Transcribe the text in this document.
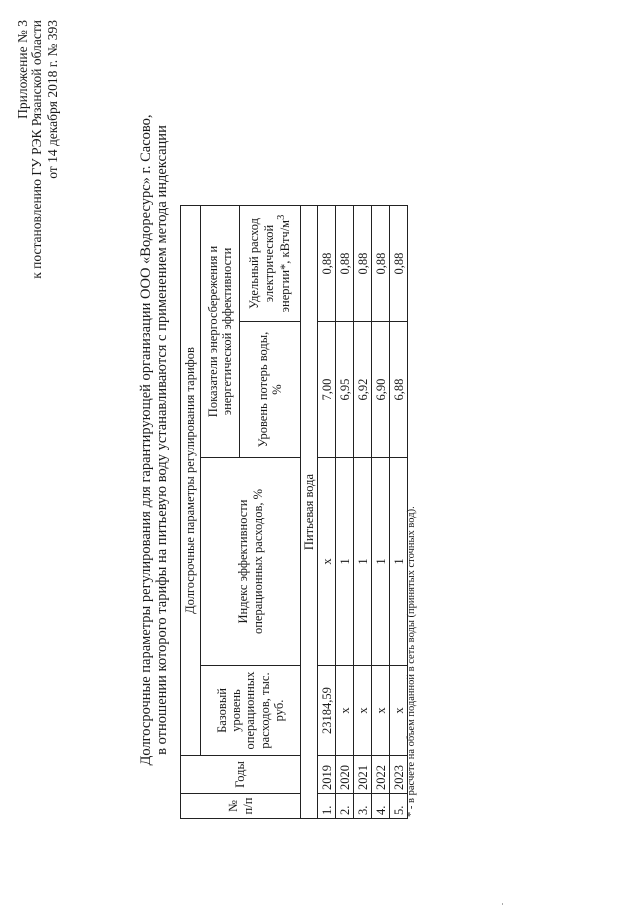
Приложение № 3 к постановлению ГУ РЭК Рязанской области от 14 декабря 2018 г. № 393
Долгосрочные параметры регулирования для гарантирующей организации ООО «Водоресурс» г. Сасово, в отношении которого тарифы на питьевую воду устанавливаются с применением метода индексации
№ п/п	Годы	Долгосрочные параметры регулирования тарифов			
		Базовый уровень операционных расходов, тыс. руб.	Индекс эффективности операционных расходов, %	Показатели энергосбережения и энергетической эффективности	
				Уровень потерь воды, %	Удельный расход электрической энергии*, кВтч/$м^3$
Питьевая вода					
1.	2019	23184,59	х	7,00	0,88
2.	2020	х	1	6,95	0,88
3.	2021	х	1	6,92	0,88
4.	2022	х	1	6,90	0,88
5.	2023	х	1	6,88	0,88
* - в расчете на объем поданной в сеть воды (принятых сточных вод).
.
